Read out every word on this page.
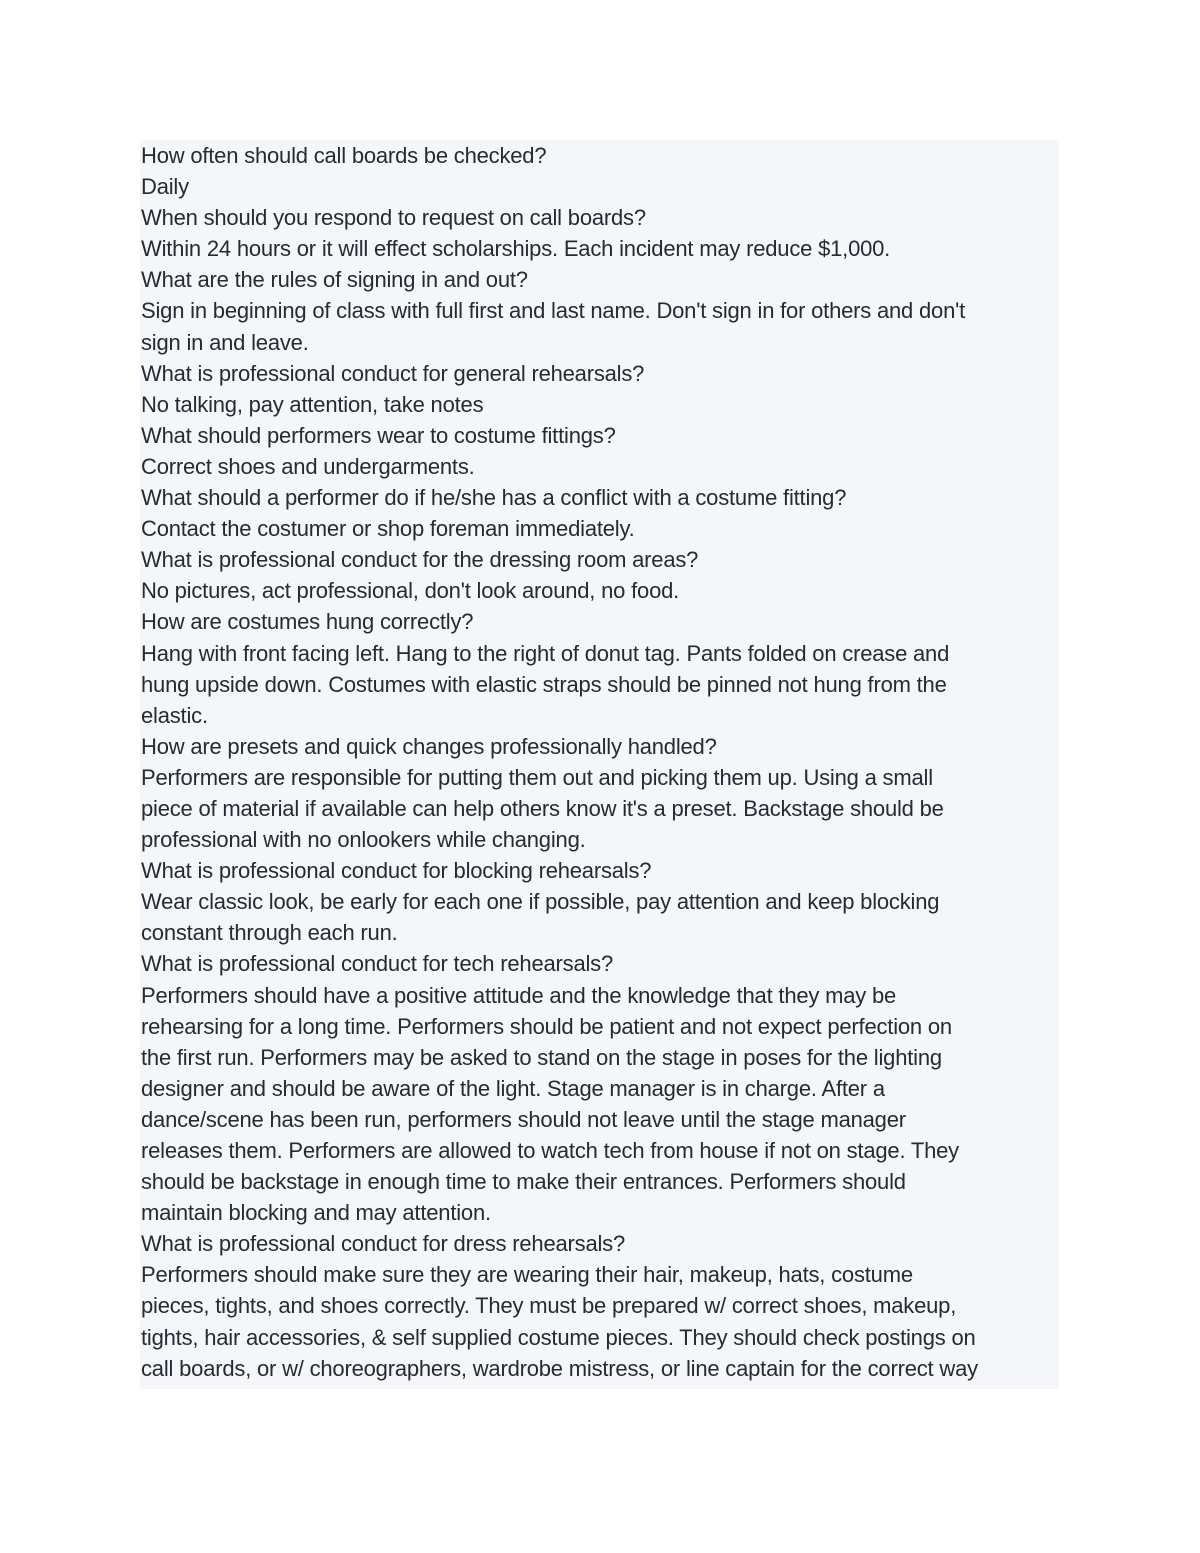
How often should call boards be checked?
Daily
When should you respond to request on call boards?
Within 24 hours or it will effect scholarships. Each incident may reduce $1,000.
What are the rules of signing in and out?
Sign in beginning of class with full first and last name. Don't sign in for others and don't
sign in and leave.
What is professional conduct for general rehearsals?
No talking, pay attention, take notes
What should performers wear to costume fittings?
Correct shoes and undergarments.
What should a performer do if he/she has a conflict with a costume fitting?
Contact the costumer or shop foreman immediately.
What is professional conduct for the dressing room areas?
No pictures, act professional, don't look around, no food.
How are costumes hung correctly?
Hang with front facing left. Hang to the right of donut tag. Pants folded on crease and
hung upside down. Costumes with elastic straps should be pinned not hung from the
elastic.
How are presets and quick changes professionally handled?
Performers are responsible for putting them out and picking them up. Using a small
piece of material if available can help others know it's a preset. Backstage should be
professional with no onlookers while changing.
What is professional conduct for blocking rehearsals?
Wear classic look, be early for each one if possible, pay attention and keep blocking
constant through each run.
What is professional conduct for tech rehearsals?
Performers should have a positive attitude and the knowledge that they may be
rehearsing for a long time. Performers should be patient and not expect perfection on
the first run. Performers may be asked to stand on the stage in poses for the lighting
designer and should be aware of the light. Stage manager is in charge. After a
dance/scene has been run, performers should not leave until the stage manager
releases them. Performers are allowed to watch tech from house if not on stage. They
should be backstage in enough time to make their entrances. Performers should
maintain blocking and may attention.
What is professional conduct for dress rehearsals?
Performers should make sure they are wearing their hair, makeup, hats, costume
pieces, tights, and shoes correctly. They must be prepared w/ correct shoes, makeup,
tights, hair accessories, & self supplied costume pieces. They should check postings on
call boards, or w/ choreographers, wardrobe mistress, or line captain for the correct way
